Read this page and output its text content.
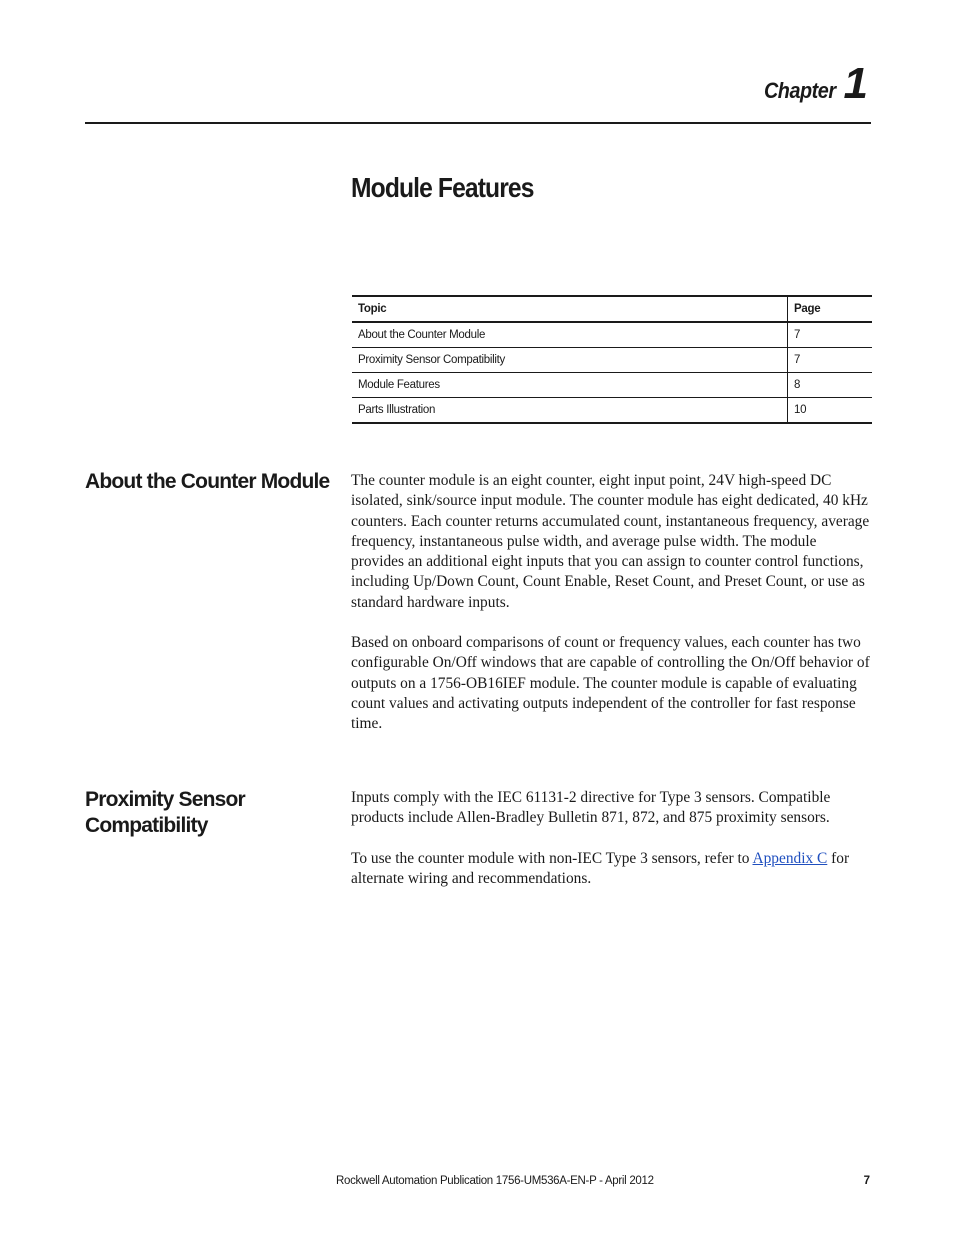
Chapter 1
Module Features
Topic	Page
About the Counter Module	7
Proximity Sensor Compatibility	7
Module Features	8
Parts Illustration	10
About the Counter Module The counter module is an eight counter, eight input point, 24V high-speed DC isolated, sink/source input module. The counter module has eight dedicated, 40 kHz counters. Each counter returns accumulated count, instantaneous frequency, average frequency, instantaneous pulse width, and average pulse width. The module provides an additional eight inputs that you can assign to counter control functions, including Up/Down Count, Count Enable, Reset Count, and Preset Count, or use as standard hardware inputs.

Based on onboard comparisons of count or frequency values, each counter has two configurable On/Off windows that are capable of controlling the On/Off behavior of outputs on a 1756-OB16IEF module. The counter module is capable of evaluating count values and activating outputs independent of the controller for fast response time.

Proximity Sensor Compatibility

Inputs comply with the IEC 61131-2 directive for Type 3 sensors. Compatible products include Allen-Bradley Bulletin 871, 872, and 875 proximity sensors.

To use the counter module with non-IEC Type 3 sensors, refer to Appendix C for alternate wiring and recommendations.

Rockwell Automation Publication 1756-UM536A-EN-P - April 2012	7
